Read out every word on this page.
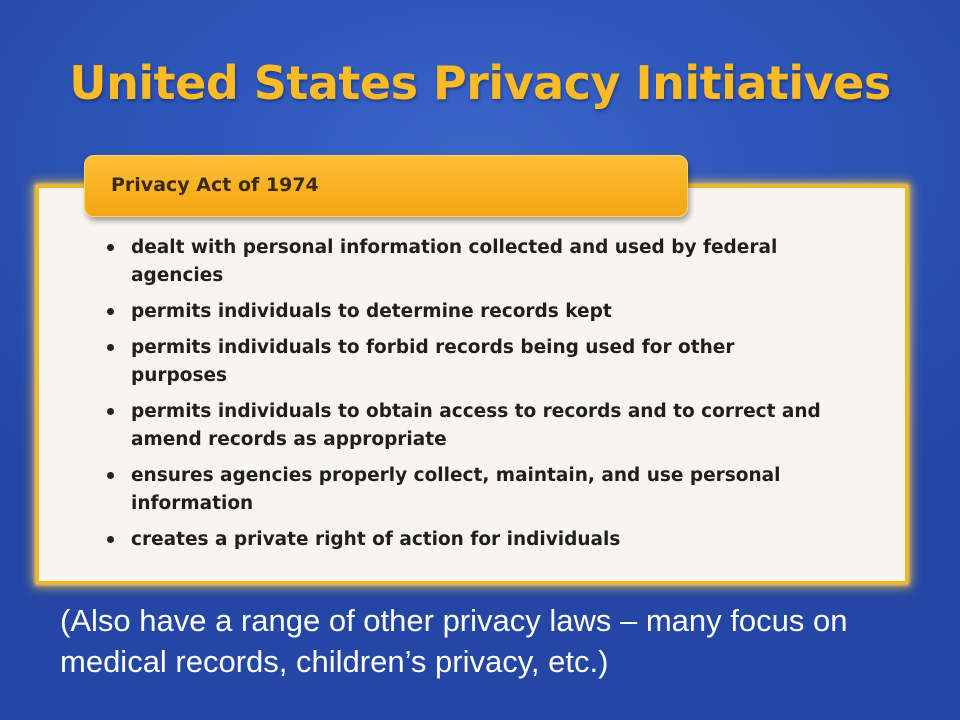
United States Privacy Initiatives
Privacy Act of 1974
dealt with personal information collected and used by federal agencies
permits individuals to determine records kept
permits individuals to forbid records being used for other purposes
permits individuals to obtain access to records and to correct and amend records as appropriate
ensures agencies properly collect, maintain, and use personal information
creates a private right of action for individuals
(Also have a range of other privacy laws – many focus on medical records, children’s privacy, etc.)
